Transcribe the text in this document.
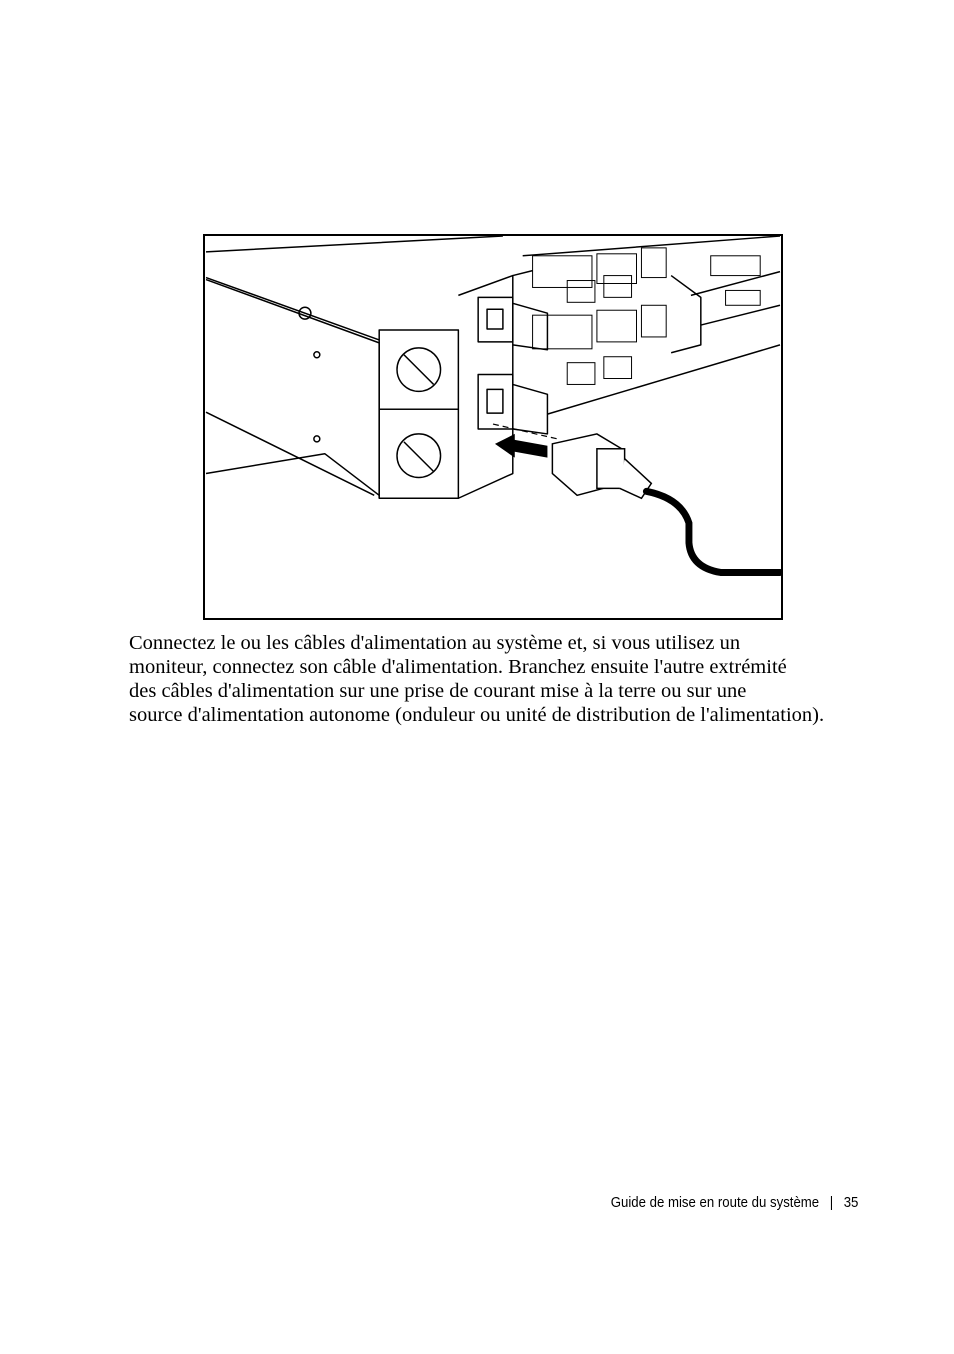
Connectez le ou les câbles d'alimentation au système et, si vous utilisez un
moniteur, connectez son câble d'alimentation. Branchez ensuite l'autre extrémité
des câbles d'alimentation sur une prise de courant mise à la terre ou sur une
source d'alimentation autonome (onduleur ou unité de distribution de l'alimentation).

Guide de mise en route du système | 35
